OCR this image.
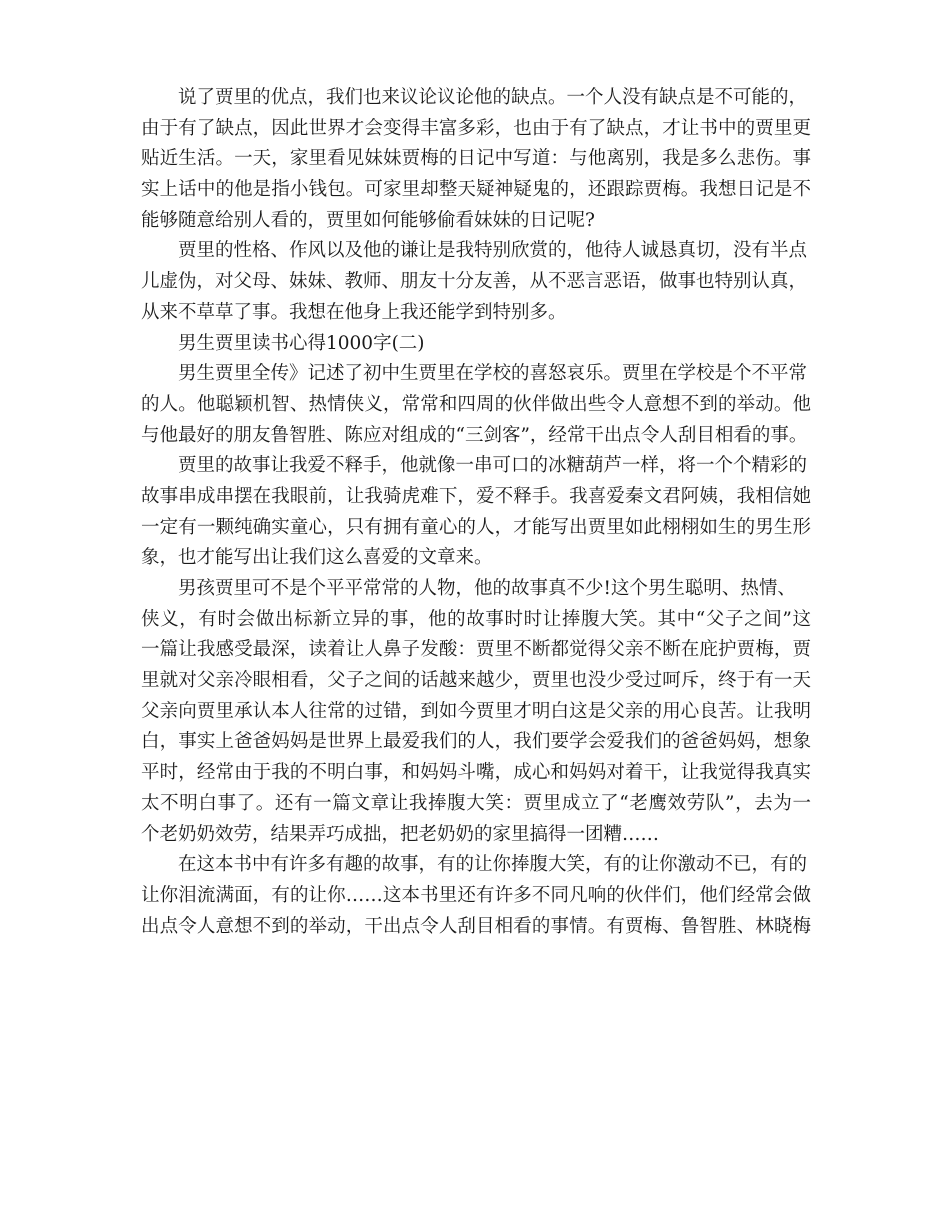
说了贾里的优点，我们也来议论议论他的缺点。一个人没有缺点是不可能的，
由于有了缺点，因此世界才会变得丰富多彩，也由于有了缺点，才让书中的贾里更
贴近生活。一天，家里看见妹妹贾梅的日记中写道：与他离别，我是多么悲伤。事
实上话中的他是指小钱包。可家里却整天疑神疑鬼的，还跟踪贾梅。我想日记是不
能够随意给别人看的，贾里如何能够偷看妹妹的日记呢?
贾里的性格、作风以及他的谦让是我特别欣赏的，他待人诚恳真切，没有半点
儿虚伪，对父母、妹妹、教师、朋友十分友善，从不恶言恶语，做事也特别认真，
从来不草草了事。我想在他身上我还能学到特别多。
男生贾里读书心得1000字(二)
男生贾里全传》记述了初中生贾里在学校的喜怒哀乐。贾里在学校是个不平常
的人。他聪颖机智、热情侠义，常常和四周的伙伴做出些令人意想不到的举动。他
与他最好的朋友鲁智胜、陈应对组成的“三剑客”，经常干出点令人刮目相看的事。
贾里的故事让我爱不释手，他就像一串可口的冰糖葫芦一样，将一个个精彩的
故事串成串摆在我眼前，让我骑虎难下，爱不释手。我喜爱秦文君阿姨，我相信她
一定有一颗纯确实童心，只有拥有童心的人，才能写出贾里如此栩栩如生的男生形
象，也才能写出让我们这么喜爱的文章来。
男孩贾里可不是个平平常常的人物，他的故事真不少!这个男生聪明、热情、
侠义，有时会做出标新立异的事，他的故事时时让捧腹大笑。其中“父子之间”这
一篇让我感受最深，读着让人鼻子发酸：贾里不断都觉得父亲不断在庇护贾梅，贾
里就对父亲冷眼相看，父子之间的话越来越少，贾里也没少受过呵斥，终于有一天
父亲向贾里承认本人往常的过错，到如今贾里才明白这是父亲的用心良苦。让我明
白，事实上爸爸妈妈是世界上最爱我们的人，我们要学会爱我们的爸爸妈妈，想象
平时，经常由于我的不明白事，和妈妈斗嘴，成心和妈妈对着干，让我觉得我真实
太不明白事了。还有一篇文章让我捧腹大笑：贾里成立了“老鹰效劳队”，去为一
个老奶奶效劳，结果弄巧成拙，把老奶奶的家里搞得一团糟……
在这本书中有许多有趣的故事，有的让你捧腹大笑，有的让你激动不已，有的
让你泪流满面，有的让你……这本书里还有许多不同凡响的伙伴们，他们经常会做
出点令人意想不到的举动，干出点令人刮目相看的事情。有贾梅、鲁智胜、林晓梅
